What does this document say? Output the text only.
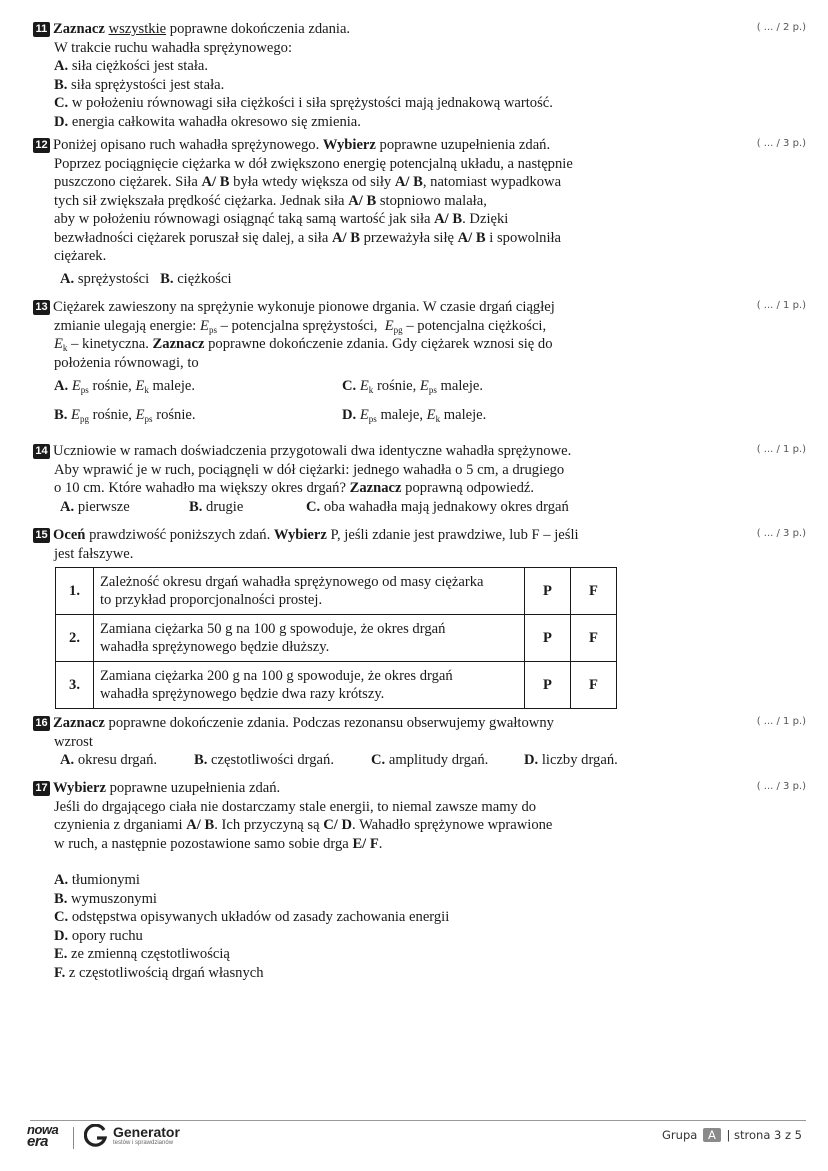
11 Zaznacz wszystkie poprawne dokończenia zdania.
W trakcie ruchu wahadła sprężynowego:
A. siła ciężkości jest stała.
B. siła sprężystości jest stała.
C. w położeniu równowagi siła ciężkości i siła sprężystości mają jednakową wartość.
D. energia całkowita wahadła okresowo się zmienia.
( ... / 2 p.)
12 Poniżej opisano ruch wahadła sprężynowego. Wybierz poprawne uzupełnienia zdań.
Poprzez pociągnięcie ciężarka w dół zwiększono energię potencjalną układu, a następnie
puszczono ciężarek. Siła A/ B była wtedy większa od siły A/ B, natomiast wypadkowa
tych sił zwiększała prędkość ciężarka. Jednak siła A/ B stopniowo malała,
aby w położeniu równowagi osiągnąć taką samą wartość jak siła A/ B. Dzięki
bezwładności ciężarek poruszał się dalej, a siła A/ B przeważyła siłę A/ B i spowolniła
ciężarek.
A. sprężystości B. ciężkości
( ... / 3 p.)
13 Ciężarek zawieszony na sprężynie wykonuje pionowe drgania. W czasie drgań ciągłej
zmianie ulegają energie: $E_{ps}$ – potencjalna sprężystości, $E_{pg}$ – potencjalna ciężkości,
$E_k$ – kinetyczna. Zaznacz poprawne dokończenie zdania. Gdy ciężarek wznosi się do
położenia równowagi, to
A. $E_{ps}$ rośnie, $E_k$ maleje.	C. $E_k$ rośnie, $E_{ps}$ maleje.
B. $E_{pg}$ rośnie, $E_{ps}$ rośnie.	D. $E_{ps}$ maleje, $E_k$ maleje.
( ... / 1 p.)
14 Uczniowie w ramach doświadczenia przygotowali dwa identyczne wahadła sprężynowe.
Aby wprawić je w ruch, pociągnęli w dół ciężarki: jednego wahadła o 5 cm, a drugiego
o 10 cm. Które wahadło ma większy okres drgań? Zaznacz poprawną odpowiedź.
A. pierwsze	B. drugie	C. oba wahadła mają jednakowy okres drgań
( ... / 1 p.)
15 Oceń prawdziwość poniższych zdań. Wybierz P, jeśli zdanie jest prawdziwe, lub F – jeśli
jest fałszywe.
( ... / 3 p.)
1.	Zależność okresu drgań wahadła sprężynowego od masy ciężarka
to przykład proporcjonalności prostej.	P	F
2.	Zamiana ciężarka 50 g na 100 g spowoduje, że okres drgań
wahadła sprężynowego będzie dłuższy.	P	F
3.	Zamiana ciężarka 200 g na 100 g spowoduje, że okres drgań
wahadła sprężynowego będzie dwa razy krótszy.	P	F
16 Zaznacz poprawne dokończenie zdania. Podczas rezonansu obserwujemy gwałtowny
wzrost
A. okresu drgań.	B. częstotliwości drgań.	C. amplitudy drgań. D. liczby drgań.
( ... / 1 p.)
17 Wybierz poprawne uzupełnienia zdań.
Jeśli do drgającego ciała nie dostarczamy stale energii, to niemal zawsze mamy do
czynienia z drganiami A/ B. Ich przyczyną są C/ D. Wahadło sprężynowe wprawione
w ruch, a następnie pozostawione samo sobie drga E/ F.
A. tłumionymi
B. wymuszonymi
C. odstępstwa opisywanych układów od zasady zachowania energii
D. opory ruchu
E. ze zmienną częstotliwością
F. z częstotliwością drgań własnych
( ... / 3 p.)
nowa
era
Generator
testów i sprawdzianów
Grupa A | strona 3 z 5
